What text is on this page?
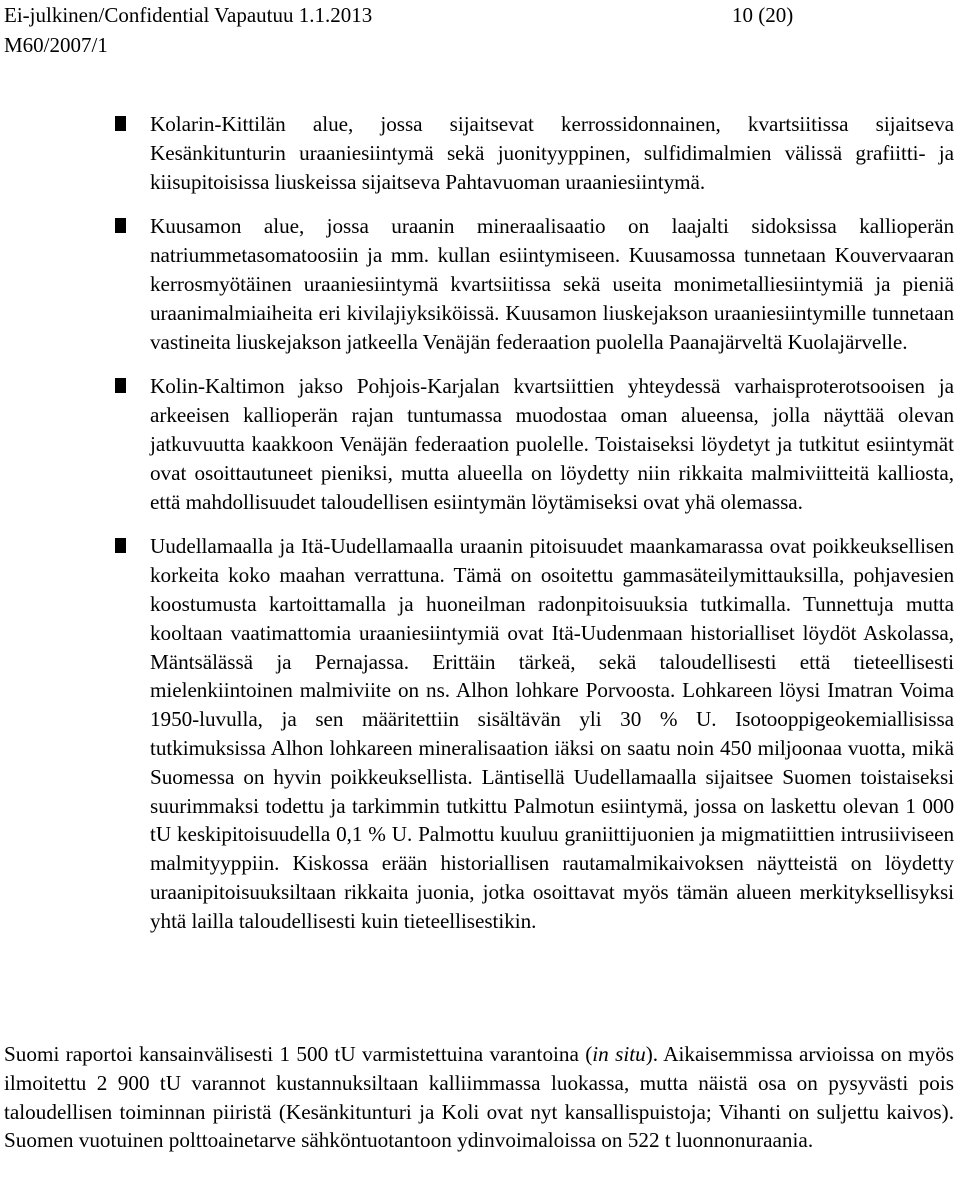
Ei-julkinen/Confidential Vapautuu 1.1.2013	10 (20)
M60/2007/1
Kolarin-Kittilän alue, jossa sijaitsevat kerrossidonnainen, kvartsiitissa sijaitseva Kesänkitunturin uraaniesiintymä sekä juonityyppinen, sulfidimalmien välissä grafiitti- ja kiisupitoisissa liuskeissa sijaitseva Pahtavuoman uraaniesiintymä.
Kuusamon alue, jossa uraanin mineraalisaatio on laajalti sidoksissa kallioperän natriummetasomatoosiin ja mm. kullan esiintymiseen. Kuusamossa tunnetaan Kouvervaaran kerrosmyötäinen uraaniesiintymä kvartsiitissa sekä useita monimetalliesiintymiä ja pieniä uraanimalmiaiheita eri kivilajiyksiköissä. Kuusamon liuskejakson uraaniesiintymille tunnetaan vastineita liuskejakson jatkeella Venäjän federaation puolella Paanajärveltä Kuolajärvelle.
Kolin-Kaltimon jakso Pohjois-Karjalan kvartsiittien yhteydessä varhaisproterotsooisen ja arkeeisen kallioperän rajan tuntumassa muodostaa oman alueensa, jolla näyttää olevan jatkuvuutta kaakkoon Venäjän federaation puolelle. Toistaiseksi löydetyt ja tutkitut esiintymät ovat osoittautuneet pieniksi, mutta alueella on löydetty niin rikkaita malmiviitteitä kalliosta, että mahdollisuudet taloudellisen esiintymän löytämiseksi ovat yhä olemassa.
Uudellamaalla ja Itä-Uudellamaalla uraanin pitoisuudet maankamarassa ovat poikkeuksellisen korkeita koko maahan verrattuna. Tämä on osoitettu gammasäteilymittauksilla, pohjavesien koostumusta kartoittamalla ja huoneilman radonpitoisuuksia tutkimalla. Tunnettuja mutta kooltaan vaatimattomia uraaniesiintymiä ovat Itä-Uudenmaan historialliset löydöt Askolassa, Mäntsälässä ja Pernajassa. Erittäin tärkeä, sekä taloudellisesti että tieteellisesti mielenkiintoinen malmiviite on ns. Alhon lohkare Porvoosta. Lohkareen löysi Imatran Voima 1950-luvulla, ja sen määritettiin sisältävän yli 30 % U. Isotooppigeokemiallisissa tutkimuksissa Alhon lohkareen mineralisaation iäksi on saatu noin 450 miljoonaa vuotta, mikä Suomessa on hyvin poikkeuksellista. Läntisellä Uudellamaalla sijaitsee Suomen toistaiseksi suurimmaksi todettu ja tarkimmin tutkittu Palmotun esiintymä, jossa on laskettu olevan 1 000 tU keskipitoisuudella 0,1 % U. Palmottu kuuluu graniittijuonien ja migmatiittien intrusiiviseen malmityyppiin. Kiskossa erään historiallisen rautamalmikaivoksen näytteistä on löydetty uraanipitoisuuksiltaan rikkaita juonia, jotka osoittavat myös tämän alueen merkityksellisyksi yhtä lailla taloudellisesti kuin tieteellisestikin.

Suomi raportoi kansainvälisesti 1 500 tU varmistettuina varantoina (in situ). Aikaisemmissa arvioissa on myös ilmoitettu 2 900 tU varannot kustannuksiltaan kalliimmassa luokassa, mutta näistä osa on pysyvästi pois taloudellisen toiminnan piiristä (Kesänkitunturi ja Koli ovat nyt kansallispuistoja; Vihanti on suljettu kaivos). Suomen vuotuinen polttoainetarve sähköntuotantoon ydinvoimaloissa on 522 t luonnonuraania.
